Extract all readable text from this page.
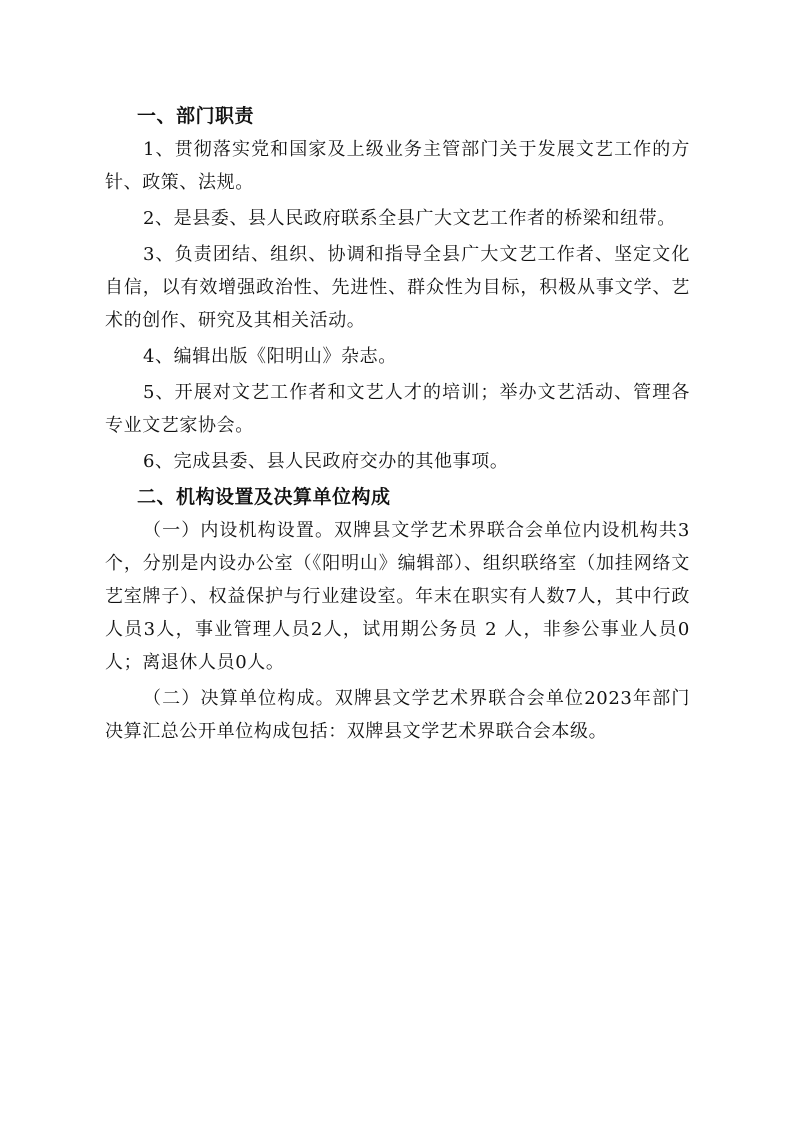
一、部门职责

1、贯彻落实党和国家及上级业务主管部门关于发展文艺工作的方针、政策、法规。

2、是县委、县人民政府联系全县广大文艺工作者的桥梁和纽带。

3、负责团结、组织、协调和指导全县广大文艺工作者、坚定文化自信，以有效增强政治性、先进性、群众性为目标，积极从事文学、艺术的创作、研究及其相关活动。

4、编辑出版《阳明山》杂志。

5、开展对文艺工作者和文艺人才的培训；举办文艺活动、管理各专业文艺家协会。

6、完成县委、县人民政府交办的其他事项。

二、机构设置及决算单位构成

（一）内设机构设置。双牌县文学艺术界联合会单位内设机构共3个，分别是内设办公室（《阳明山》编辑部）、组织联络室（加挂网络文艺室牌子）、权益保护与行业建设室。年末在职实有人数7人，其中行政人员3人，事业管理人员2人，试用期公务员 2 人，非参公事业人员0人；离退休人员0人。

（二）决算单位构成。双牌县文学艺术界联合会单位2023年部门决算汇总公开单位构成包括：双牌县文学艺术界联合会本级。
